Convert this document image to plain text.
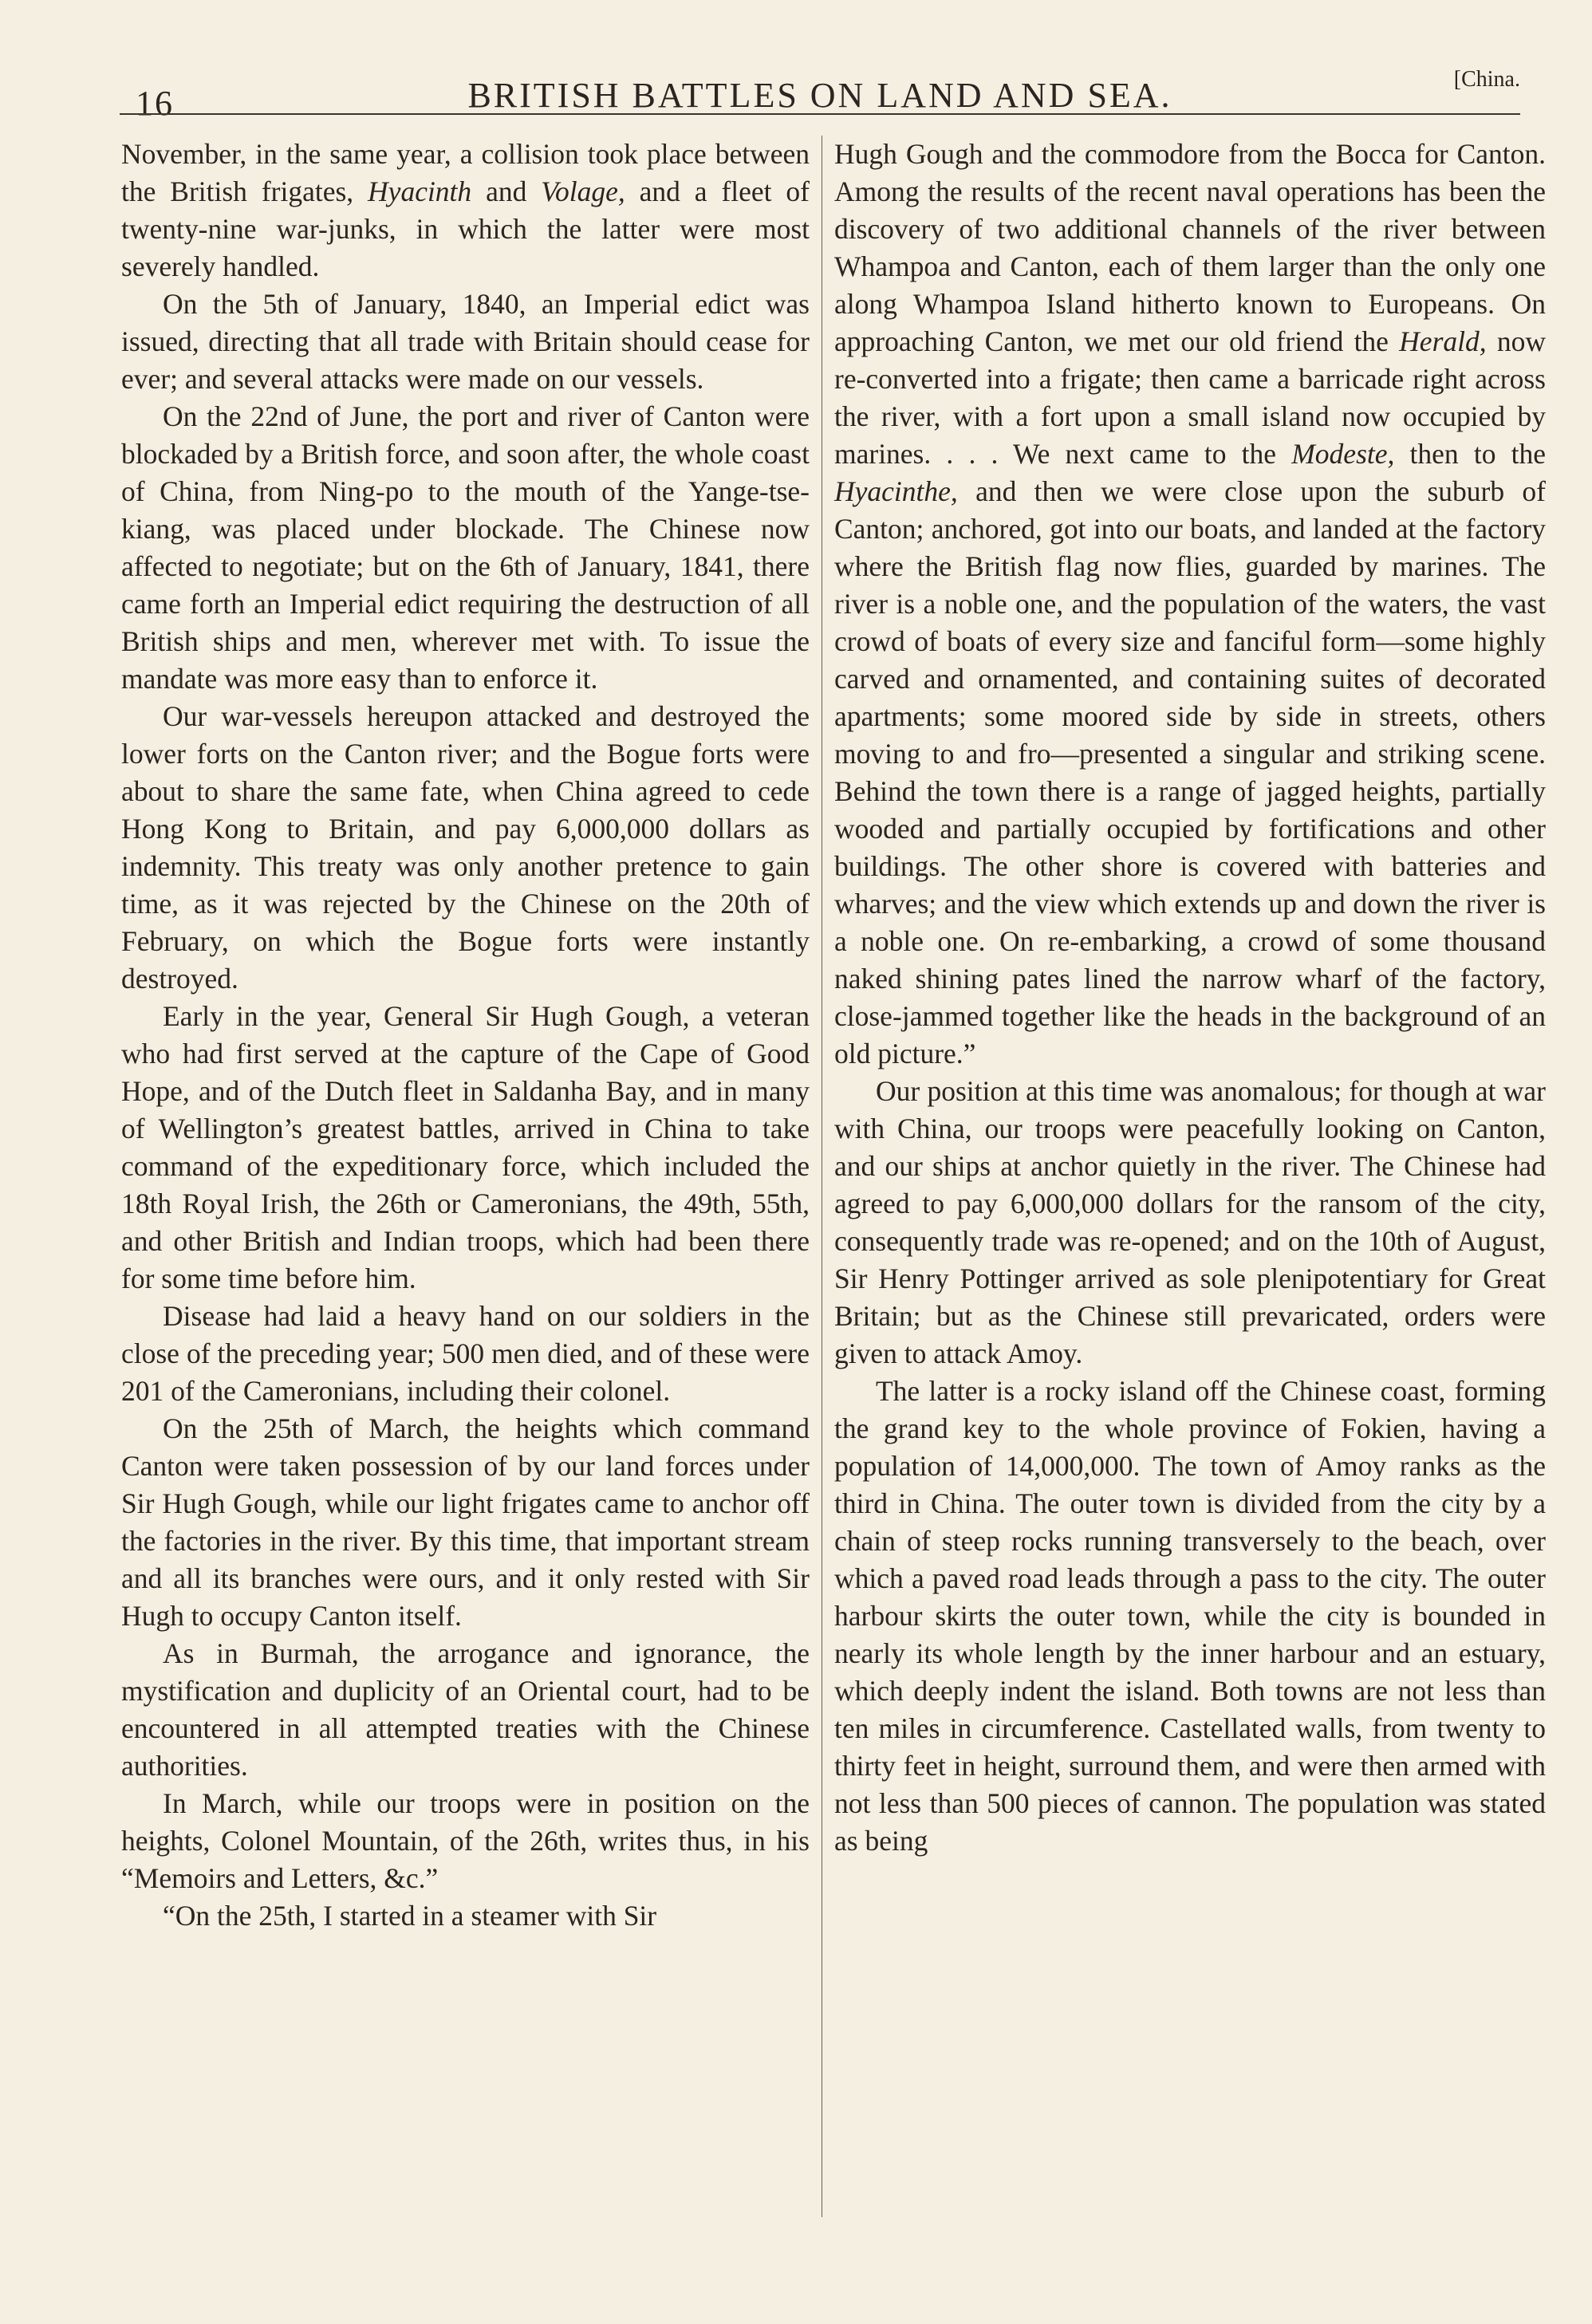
16	BRITISH BATTLES ON LAND AND SEA.	[China.

November, in the same year, a collision took place between the British frigates, Hyacinth and Volage, and a fleet of twenty-nine war-junks, in which the latter were most severely handled.

On the 5th of January, 1840, an Imperial edict was issued, directing that all trade with Britain should cease for ever; and several attacks were made on our vessels.

On the 22nd of June, the port and river of Canton were blockaded by a British force, and soon after, the whole coast of China, from Ning-po to the mouth of the Yange-tse-kiang, was placed under blockade. The Chinese now affected to negotiate; but on the 6th of January, 1841, there came forth an Imperial edict requiring the destruction of all British ships and men, wherever met with. To issue the mandate was more easy than to enforce it.

Our war-vessels hereupon attacked and destroyed the lower forts on the Canton river; and the Bogue forts were about to share the same fate, when China agreed to cede Hong Kong to Britain, and pay 6,000,000 dollars as indemnity. This treaty was only another pretence to gain time, as it was rejected by the Chinese on the 20th of February, on which the Bogue forts were instantly destroyed.

Early in the year, General Sir Hugh Gough, a veteran who had first served at the capture of the Cape of Good Hope, and of the Dutch fleet in Saldanha Bay, and in many of Wellington’s greatest battles, arrived in China to take command of the expeditionary force, which included the 18th Royal Irish, the 26th or Cameronians, the 49th, 55th, and other British and Indian troops, which had been there for some time before him.

Disease had laid a heavy hand on our soldiers in the close of the preceding year; 500 men died, and of these were 201 of the Cameronians, including their colonel.

On the 25th of March, the heights which command Canton were taken possession of by our land forces under Sir Hugh Gough, while our light frigates came to anchor off the factories in the river. By this time, that important stream and all its branches were ours, and it only rested with Sir Hugh to occupy Canton itself.

As in Burmah, the arrogance and ignorance, the mystification and duplicity of an Oriental court, had to be encountered in all attempted treaties with the Chinese authorities.

In March, while our troops were in position on the heights, Colonel Mountain, of the 26th, writes thus, in his “Memoirs and Letters, &c.”

“On the 25th, I started in a steamer with Sir

Hugh Gough and the commodore from the Bocca for Canton. Among the results of the recent naval operations has been the discovery of two additional channels of the river between Whampoa and Canton, each of them larger than the only one along Whampoa Island hitherto known to Europeans. On approaching Canton, we met our old friend the Herald, now re-converted into a frigate; then came a barricade right across the river, with a fort upon a small island now occupied by marines. . . . We next came to the Modeste, then to the Hyacinthe, and then we were close upon the suburb of Canton; anchored, got into our boats, and landed at the factory where the British flag now flies, guarded by marines. The river is a noble one, and the population of the waters, the vast crowd of boats of every size and fanciful form—some highly carved and ornamented, and containing suites of decorated apartments; some moored side by side in streets, others moving to and fro—presented a singular and striking scene. Behind the town there is a range of jagged heights, partially wooded and partially occupied by fortifications and other buildings. The other shore is covered with batteries and wharves; and the view which extends up and down the river is a noble one. On re-embarking, a crowd of some thousand naked shining pates lined the narrow wharf of the factory, close-jammed together like the heads in the background of an old picture.”

Our position at this time was anomalous; for though at war with China, our troops were peacefully looking on Canton, and our ships at anchor quietly in the river. The Chinese had agreed to pay 6,000,000 dollars for the ransom of the city, consequently trade was re-opened; and on the 10th of August, Sir Henry Pottinger arrived as sole plenipotentiary for Great Britain; but as the Chinese still prevaricated, orders were given to attack Amoy.

The latter is a rocky island off the Chinese coast, forming the grand key to the whole province of Fokien, having a population of 14,000,000. The town of Amoy ranks as the third in China. The outer town is divided from the city by a chain of steep rocks running transversely to the beach, over which a paved road leads through a pass to the city. The outer harbour skirts the outer town, while the city is bounded in nearly its whole length by the inner harbour and an estuary, which deeply indent the island. Both towns are not less than ten miles in circumference. Castellated walls, from twenty to thirty feet in height, surround them, and were then armed with not less than 500 pieces of cannon. The population was stated as being
